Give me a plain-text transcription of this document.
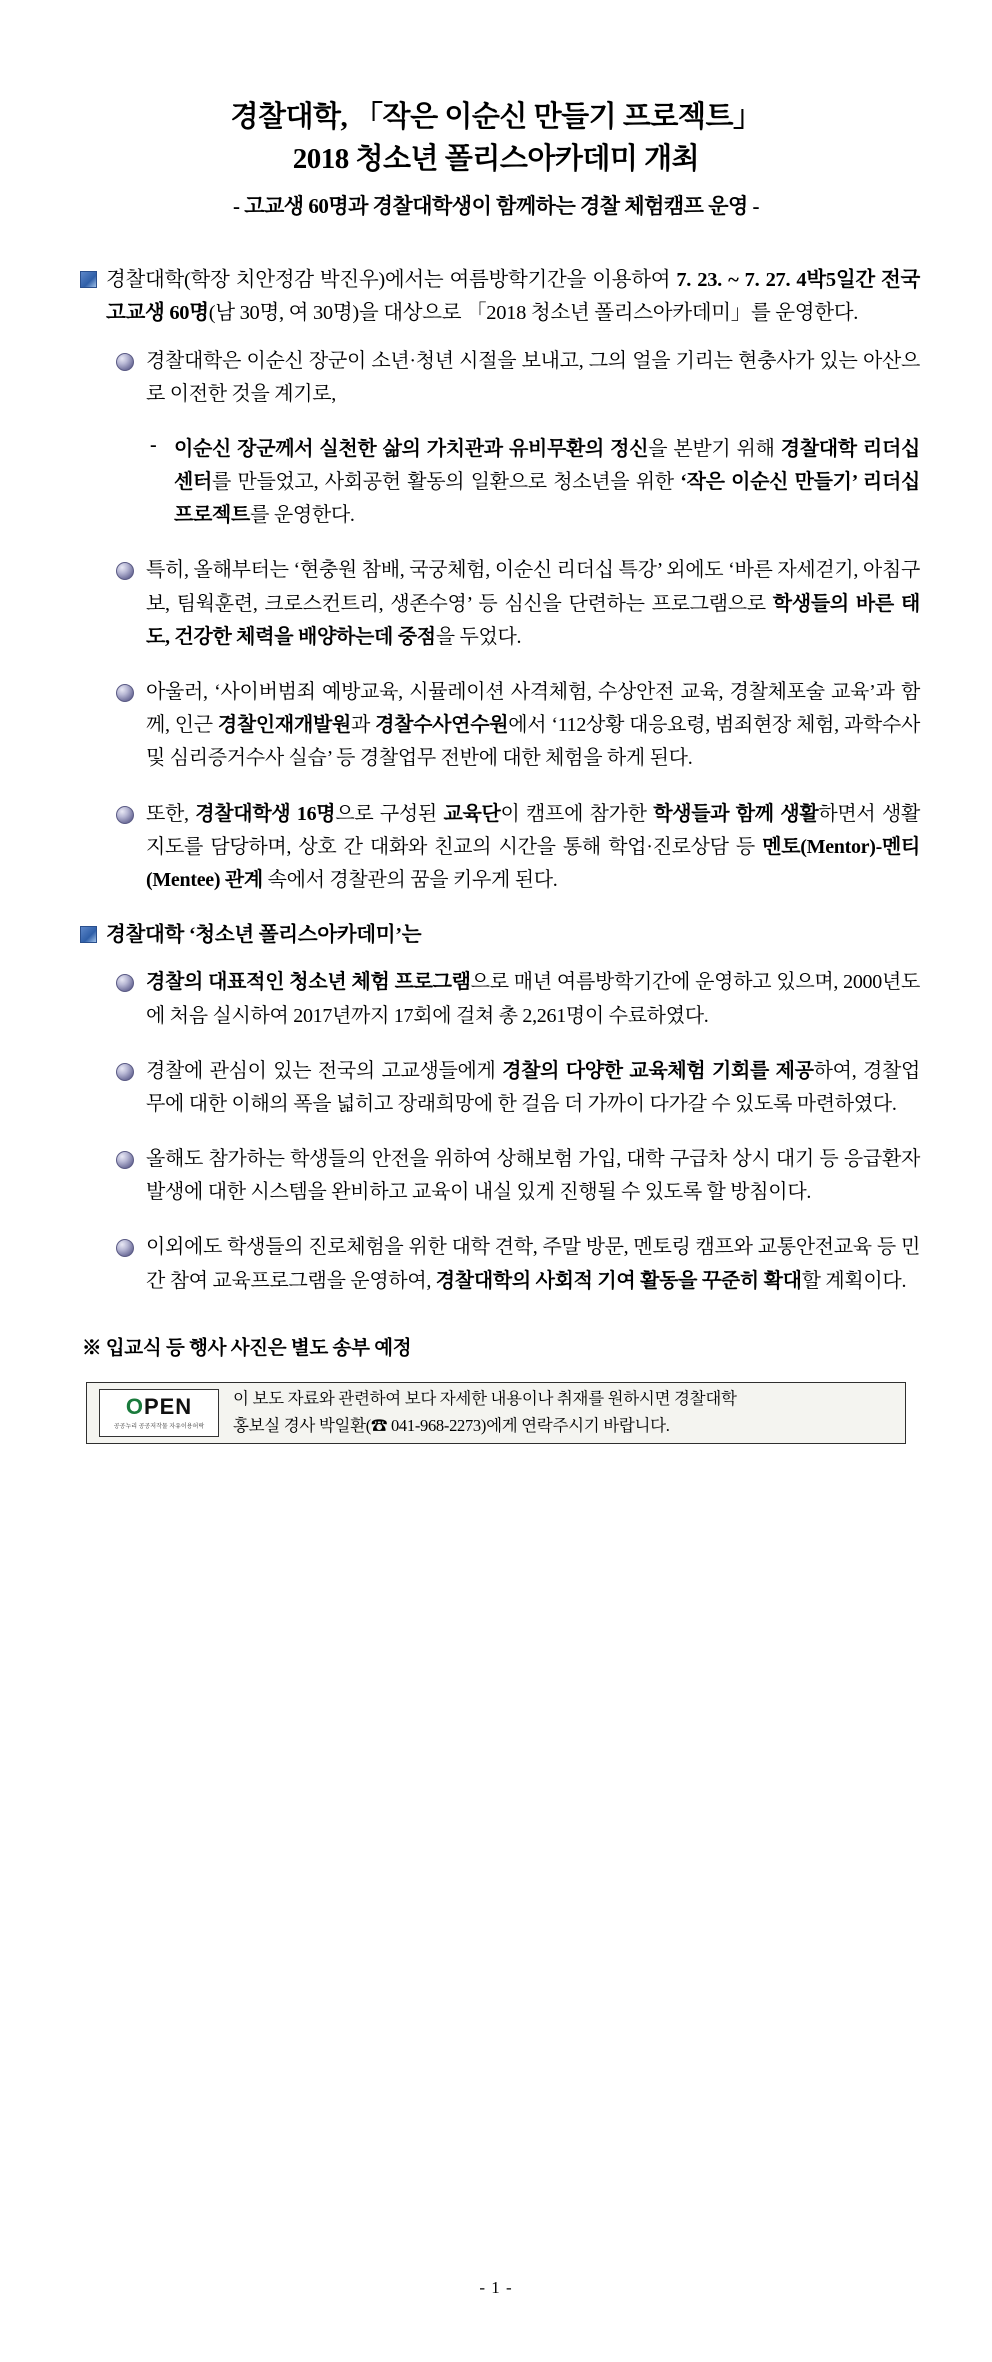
경찰대학, 「작은 이순신 만들기 프로젝트」
2018 청소년 폴리스아카데미 개최
- 고교생 60명과 경찰대학생이 함께하는 경찰 체험캠프 운영 -
경찰대학(학장 치안정감 박진우)에서는 여름방학기간을 이용하여 7. 23. ~ 7. 27. 4박5일간 전국 고교생 60명(남 30명, 여 30명)을 대상으로 「2018 청소년 폴리스아카데미」를 운영한다.
경찰대학은 이순신 장군이 소년·청년 시절을 보내고, 그의 얼을 기리는 현충사가 있는 아산으로 이전한 것을 계기로,
- 이순신 장군께서 실천한 삶의 가치관과 유비무환의 정신을 본받기 위해 경찰대학 리더십센터를 만들었고, 사회공헌 활동의 일환으로 청소년을 위한 ‘작은 이순신 만들기’ 리더십 프로젝트를 운영한다.
특히, 올해부터는 ‘현충원 참배, 국궁체험, 이순신 리더십 특강’ 외에도 ‘바른 자세걷기, 아침구보, 팀웍훈련, 크로스컨트리, 생존수영’ 등 심신을 단련하는 프로그램으로 학생들의 바른 태도, 건강한 체력을 배양하는데 중점을 두었다.
아울러, ‘사이버범죄 예방교육, 시뮬레이션 사격체험, 수상안전 교육, 경찰체포술 교육’과 함께, 인근 경찰인재개발원과 경찰수사연수원에서 ‘112상황 대응요령, 범죄현장 체험, 과학수사 및 심리증거수사 실습’ 등 경찰업무 전반에 대한 체험을 하게 된다.
또한, 경찰대학생 16명으로 구성된 교육단이 캠프에 참가한 학생들과 함께 생활하면서 생활지도를 담당하며, 상호 간 대화와 친교의 시간을 통해 학업·진로상담 등 멘토(Mentor)-멘티(Mentee) 관계 속에서 경찰관의 꿈을 키우게 된다.
경찰대학 ‘청소년 폴리스아카데미’는
경찰의 대표적인 청소년 체험 프로그램으로 매년 여름방학기간에 운영하고 있으며, 2000년도에 처음 실시하여 2017년까지 17회에 걸쳐 총 2,261명이 수료하였다.
경찰에 관심이 있는 전국의 고교생들에게 경찰의 다양한 교육체험 기회를 제공하여, 경찰업무에 대한 이해의 폭을 넓히고 장래희망에 한 걸음 더 가까이 다가갈 수 있도록 마련하였다.
올해도 참가하는 학생들의 안전을 위하여 상해보험 가입, 대학 구급차 상시 대기 등 응급환자 발생에 대한 시스템을 완비하고 교육이 내실 있게 진행될 수 있도록 할 방침이다.
이외에도 학생들의 진로체험을 위한 대학 견학, 주말 방문, 멘토링 캠프와 교통안전교육 등 민간 참여 교육프로그램을 운영하여, 경찰대학의 사회적 기여 활동을 꾸준히 확대할 계획이다.
※ 입교식 등 행사 사진은 별도 송부 예정
OPEN
공공누리 공공저작물 자유이용허락
이 보도 자료와 관련하여 보다 자세한 내용이나 취재를 원하시면 경찰대학
홍보실 경사 박일환(☎ 041-968-2273)에게 연락주시기 바랍니다.
- 1 -
